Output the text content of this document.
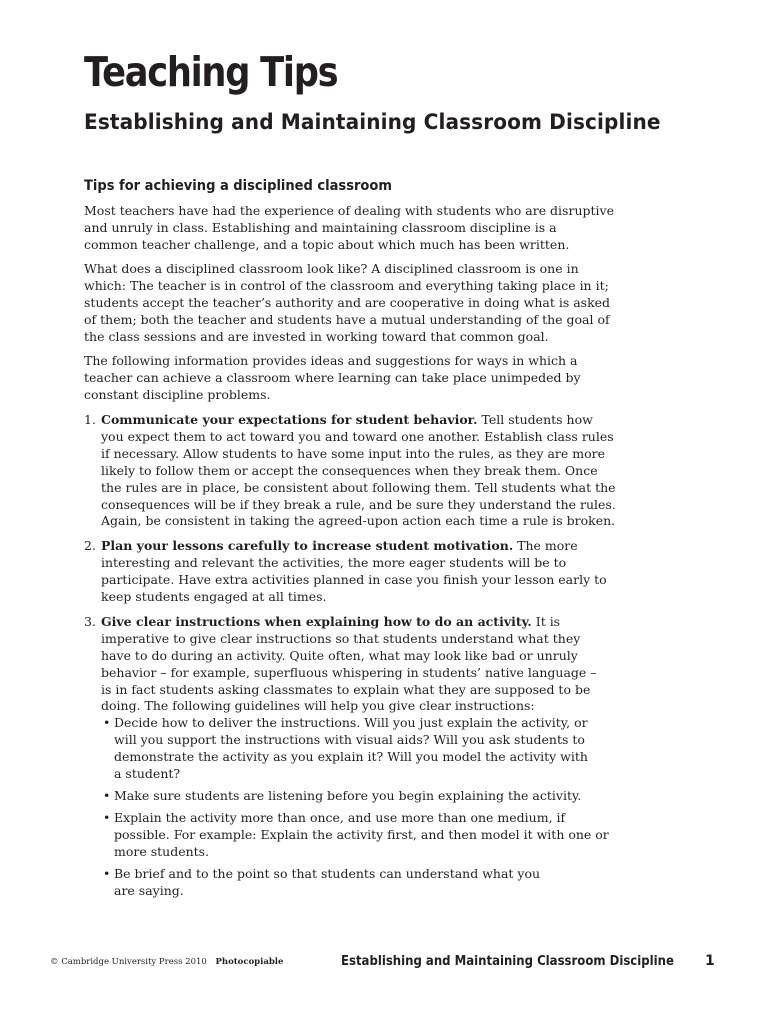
Teaching Tips
Establishing and Maintaining Classroom Discipline
Tips for achieving a disciplined classroom

Most teachers have had the experience of dealing with students who are disruptive
and unruly in class. Establishing and maintaining classroom discipline is a
common teacher challenge, and a topic about which much has been written.

What does a disciplined classroom look like? A disciplined classroom is one in
which: The teacher is in control of the classroom and everything taking place in it;
students accept the teacher’s authority and are cooperative in doing what is asked
of them; both the teacher and students have a mutual understanding of the goal of
the class sessions and are invested in working toward that common goal.

The following information provides ideas and suggestions for ways in which a
teacher can achieve a classroom where learning can take place unimpeded by
constant discipline problems.

1. Communicate your expectations for student behavior. Tell students how
you expect them to act toward you and toward one another. Establish class rules
if necessary. Allow students to have some input into the rules, as they are more
likely to follow them or accept the consequences when they break them. Once
the rules are in place, be consistent about following them. Tell students what the
consequences will be if they break a rule, and be sure they understand the rules.
Again, be consistent in taking the agreed-upon action each time a rule is broken.
2. Plan your lessons carefully to increase student motivation. The more
interesting and relevant the activities, the more eager students will be to
participate. Have extra activities planned in case you finish your lesson early to
keep students engaged at all times.
3. Give clear instructions when explaining how to do an activity. It is
imperative to give clear instructions so that students understand what they
have to do during an activity. Quite often, what may look like bad or unruly
behavior – for example, superfluous whispering in students’ native language –
is in fact students asking classmates to explain what they are supposed to be
doing. The following guidelines will help you give clear instructions:
• Decide how to deliver the instructions. Will you just explain the activity, or
will you support the instructions with visual aids? Will you ask students to
demonstrate the activity as you explain it? Will you model the activity with
a student?
• Make sure students are listening before you begin explaining the activity.
• Explain the activity more than once, and use more than one medium, if
possible. For example: Explain the activity first, and then model it with one or
more students.
• Be brief and to the point so that students can understand what you
are saying.
© Cambridge University Press 2010 Photocopiable	Establishing and Maintaining Classroom Discipline 1
